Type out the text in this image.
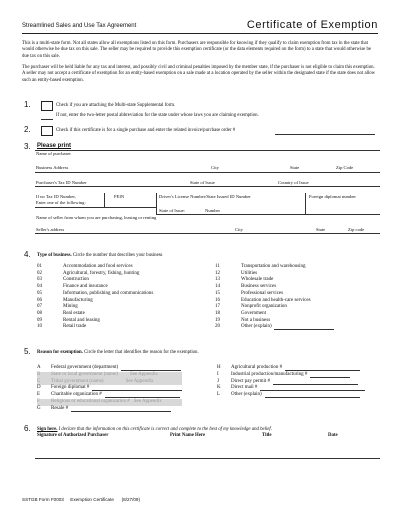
Streamlined Sales and Use Tax Agreement	Certificate of Exemption
This is a multi-state form. Not all states allow all exemptions listed on this form. Purchasers are responsible for knowing if they qualify to claim exemption from tax in the state that would otherwise be due tax on this sale. The seller may be required to provide this exemption certificate (or the data elements required on the form) to a state that would otherwise be due tax on this sale.
The purchaser will be held liable for any tax and interest, and possibly civil and criminal penalties imposed by the member state, if the purchaser is not eligible to claim this exemption. A seller may not accept a certificate of exemption for an entity-based exemption on a sale made at a location operated by the seller within the designated state if the state does not allow such an entity-based exemption.
1.	Check if you are attaching the Multi-state Supplemental form.
If not, enter the two-letter postal abbreviation for the state under whose laws you are claiming exemption.
2.	Check if this certificate is for a single purchase and enter the related invoice/purchase order #
3. Please print
Name of purchaser
Business Address	City	State	Zip Code
Purchaser's Tax ID Number	State of Issue	Country of Issue
If no Tax ID Number,
Enter one of the following:
FEIN	Driver's License Number/State Issued ID Number	Foreign diplomat number
State of Issue:	Number
Name of seller from whom you are purchasing, leasing or renting
Seller's address	City	State	Zip code
4. Type of business. Circle the number that describes your business
01	Accommodation and food services
02	Agricultural, forestry, fishing, hunting
03	Construction
04	Finance and insurance
05	Information, publishing and communications
06	Manufacturing
07	Mining
08	Real estate
09	Rental and leasing
10	Retail trade
11	Transportation and warehousing
12	Utilities
13	Wholesale trade
14	Business services
15	Professional services
16	Education and health-care services
17	Nonprofit organization
18	Government
19	Not a business
20	Other (explain)
5. Reason for exemption. Circle the letter that identifies the reason for the exemption.
A	Federal government (department)
B	State or local government (name) See Appendix
C	Tribal government (name)	See Appendix
D	Foreign diplomat #
E	Charitable organization #
F	Religious or educational organization # See Appendix
G	Resale #
H	Agricultural production #
I	Industrial production/manufacturing #
J	Direct pay permit #
K	Direct mail #
L	Other (explain)
6. Sign here. I declare that the information on this certificate is correct and complete to the best of my knowledge and belief.
Signature of Authorized Purchaser	Print Name Here	Title	Date
SSTGB Form F0003 Exemption Certificate (8/27/09)
